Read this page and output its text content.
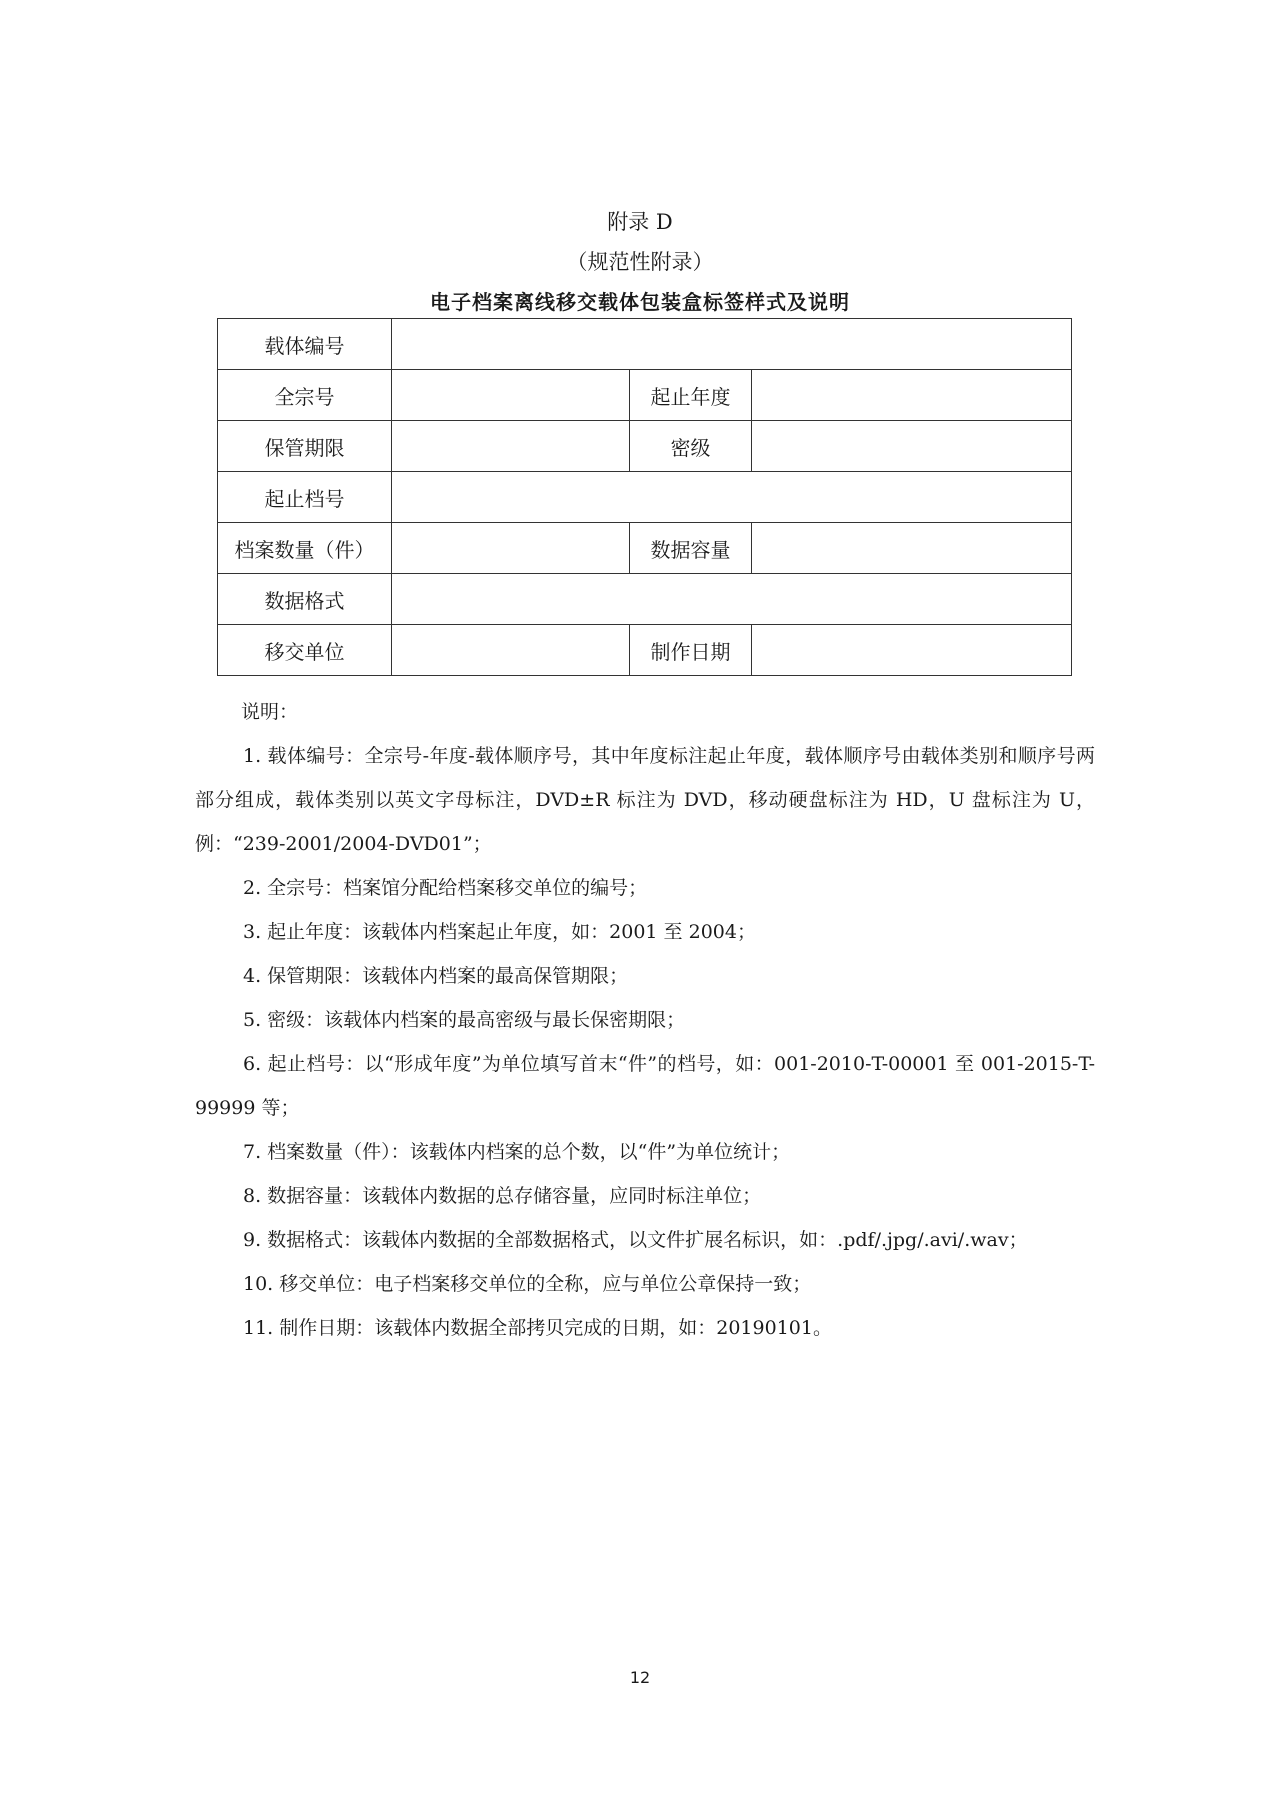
附录 D
（规范性附录）
电子档案离线移交载体包装盒标签样式及说明
载体编号			
全宗号		起止年度	
保管期限		密级	
起止档号			
档案数量（件）		数据容量	
数据格式			
移交单位		制作日期	

说明：

1. 载体编号：全宗号-年度-载体顺序号，其中年度标注起止年度，载体顺序号由载体类别和顺序号两部分组成，载体类别以英文字母标注，DVD±R 标注为 DVD，移动硬盘标注为 HD，U 盘标注为 U，例：“239-2001/2004-DVD01”；

2. 全宗号：档案馆分配给档案移交单位的编号；

3. 起止年度：该载体内档案起止年度，如：2001 至 2004；

4. 保管期限：该载体内档案的最高保管期限；

5. 密级：该载体内档案的最高密级与最长保密期限；

6. 起止档号：以“形成年度”为单位填写首末“件”的档号，如：001-2010-T-00001 至 001-2015-T-99999 等；

7. 档案数量（件）：该载体内档案的总个数，以“件”为单位统计；

8. 数据容量：该载体内数据的总存储容量，应同时标注单位；

9. 数据格式：该载体内数据的全部数据格式，以文件扩展名标识，如：.pdf/.jpg/.avi/.wav；

10. 移交单位：电子档案移交单位的全称，应与单位公章保持一致；

11. 制作日期：该载体内数据全部拷贝完成的日期，如：20190101。

12
